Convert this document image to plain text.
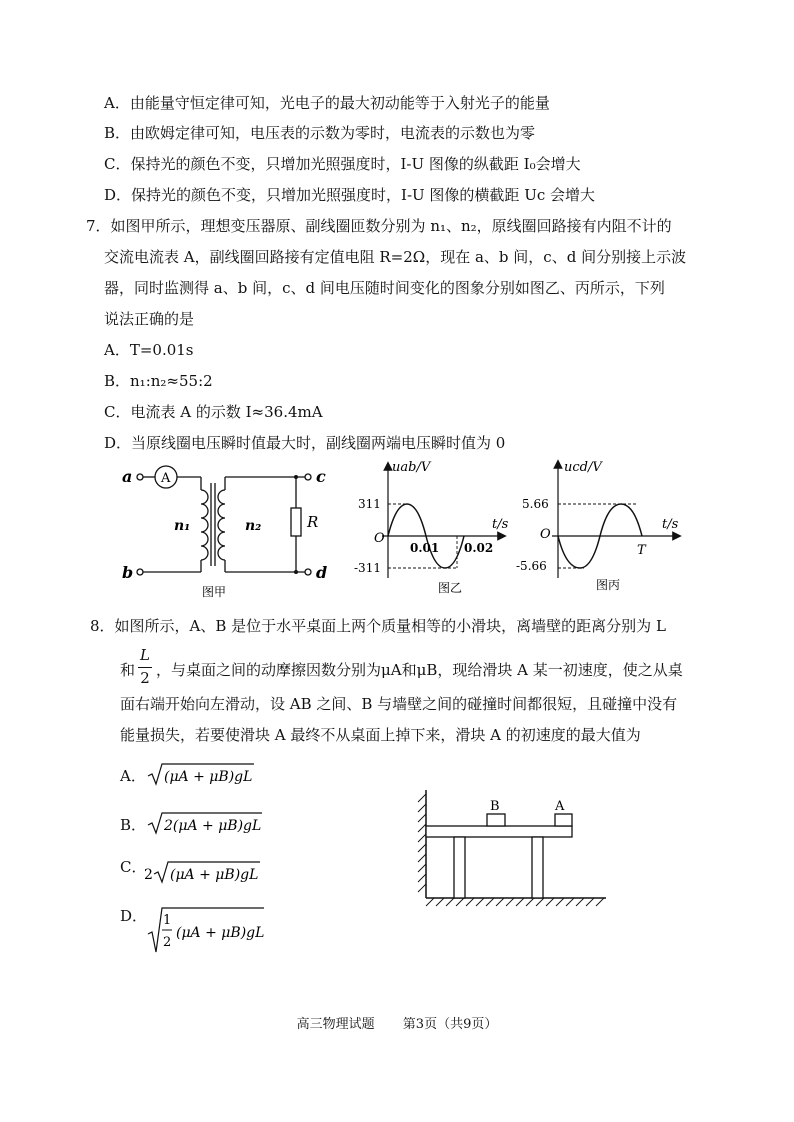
A．由能量守恒定律可知，光电子的最大初动能等于入射光子的能量
B．由欧姆定律可知，电压表的示数为零时，电流表的示数也为零
C．保持光的颜色不变，只增加光照强度时，I-U 图像的纵截距 I₀会增大
D．保持光的颜色不变，只增加光照强度时，I-U 图像的横截距 Uc 会增大
7．如图甲所示，理想变压器原、副线圈匝数分别为 n₁、n₂，原线圈回路接有内阻不计的
交流电流表 A，副线圈回路接有定值电阻 R=2Ω，现在 a、b 间，c、d 间分别接上示波
器，同时监测得 a、b 间，c、d 间电压随时间变化的图象分别如图乙、丙所示，下列
说法正确的是
A．T=0.01s
B．n₁:n₂≈55:2
C．电流表 A 的示数 I≈36.4mA
D．当原线圈电压瞬时值最大时，副线圈两端电压瞬时值为 0
a
b
c
d
A
n₁	n₂	R
图甲
uab/V
t/s
O
311
-311
0.01 0.02
图乙
ucd/V
t/s
O
5.66
-5.66
T
图丙
8．如图所示，A、B 是位于水平桌面上两个质量相等的小滑块，离墙壁的距离分别为 L
和
L
2 ，与桌面之间的动摩擦因数分别为μA和μB，现给滑块 A 某一初速度，使之从桌
面右端开始向左滑动，设 AB 之间、B 与墙壁之间的碰撞时间都很短，且碰撞中没有
能量损失，若要使滑块 A 最终不从桌面上掉下来，滑块 A 的初速度的最大值为
A． (μA + μB)gL
B． 2(μA + μB)gL
C．
2 (μA + μB)gL
D． 1
2
(μA + μB)gL
B	A
高三物理试题 第3页（共9页）
